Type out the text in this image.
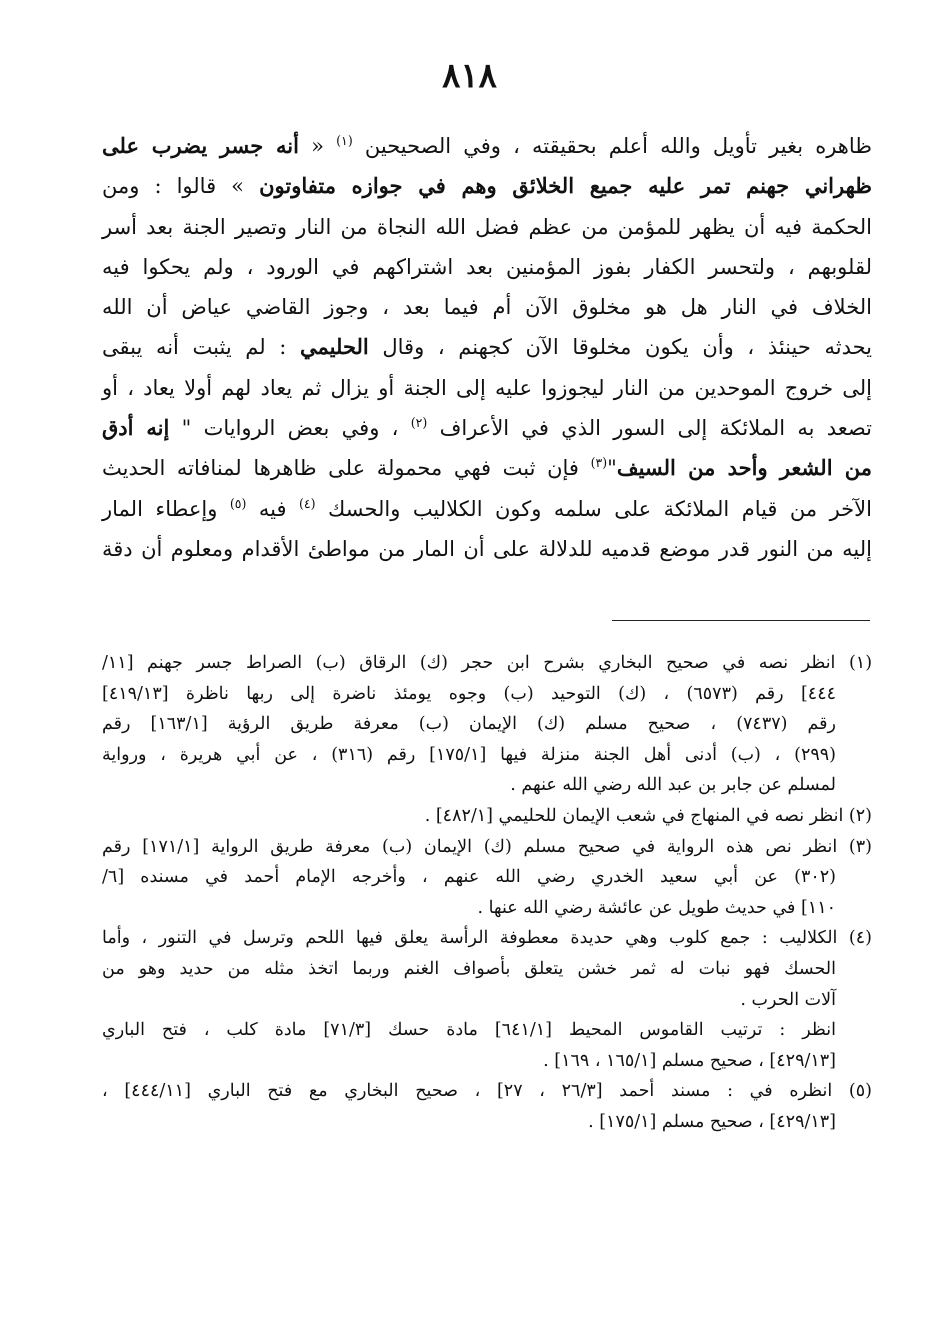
٨١٨
ظاهره بغير تأويل والله أعلم بحقيقته ، وفي الصحيحين $^{(١)}$ « أنه جسر يضرب على
ظهراني جهنم تمر عليه جميع الخلائق وهم في جوازه متفاوتون » قالوا : ومن
الحكمة فيه أن يظهر للمؤمن من عظم فضل الله النجاة من النار وتصير الجنة بعد أسر
لقلوبهم ، ولتحسر الكفار بفوز المؤمنين بعد اشتراكهم في الورود ، ولم يحكوا فيه
الخلاف في النار هل هو مخلوق الآن أم فيما بعد ، وجوز القاضي عياض أن الله
يحدثه حينئذ ، وأن يكون مخلوقا الآن كجهنم ، وقال الحليمي : لم يثبت أنه يبقى
إلى خروج الموحدين من النار ليجوزوا عليه إلى الجنة أو يزال ثم يعاد لهم أولا يعاد ، أو
تصعد به الملائكة إلى السور الذي في الأعراف $^{(٢)}$ ، وفي بعض الروايات " إنه أدق
من الشعر وأحد من السيف"$^{(٣)}$ فإن ثبت فهي محمولة على ظاهرها لمنافاته الحديث
الآخر من قيام الملائكة على سلمه وكون الكلاليب والحسك $^{(٤)}$ فيه $^{(٥)}$ وإعطاء المار
إليه من النور قدر موضع قدميه للدلالة على أن المار من مواطئ الأقدام ومعلوم أن دقة
(١) انظر نصه في صحيح البخاري بشرح ابن حجر (ك) الرقاق (ب) الصراط جسر جهنم [١١/
٤٤٤] رقم (٦٥٧٣) ، (ك) التوحيد (ب) وجوه يومئذ ناضرة إلى ربها ناظرة [٤١٩/١٣]
رقم (٧٤٣٧) ، صحيح مسلم (ك) الإيمان (ب) معرفة طريق الرؤية [١٦٣/١] رقم
(٢٩٩) ، (ب) أدنى أهل الجنة منزلة فيها [١٧٥/١] رقم (٣١٦) ، عن أبي هريرة ، ورواية
لمسلم عن جابر بن عبد الله رضي الله عنهم .
(٢) انظر نصه في المنهاج في شعب الإيمان للحليمي [٤٨٢/١] .
(٣) انظر نص هذه الرواية في صحيح مسلم (ك) الإيمان (ب) معرفة طريق الرواية [١٧١/١] رقم
(٣٠٢) عن أبي سعيد الخدري رضي الله عنهم ، وأخرجه الإمام أحمد في مسنده [٦/
١١٠] في حديث طويل عن عائشة رضي الله عنها .
(٤) الكلاليب : جمع كلوب وهي حديدة معطوفة الرأسة يعلق فيها اللحم وترسل في التنور ، وأما
الحسك فهو نبات له ثمر خشن يتعلق بأصواف الغنم وربما اتخذ مثله من حديد وهو من
آلات الحرب .
انظر : ترتيب القاموس المحيط [٦٤١/١] مادة حسك [٧١/٣] مادة كلب ، فتح الباري
[٤٢٩/١٣] ، صحيح مسلم [١٦٥/١ ، ١٦٩] .
(٥) انظره في : مسند أحمد [٢٦/٣ ، ٢٧] ، صحيح البخاري مع فتح الباري [٤٤٤/١١] ،
[٤٢٩/١٣] ، صحيح مسلم [١٧٥/١] .
